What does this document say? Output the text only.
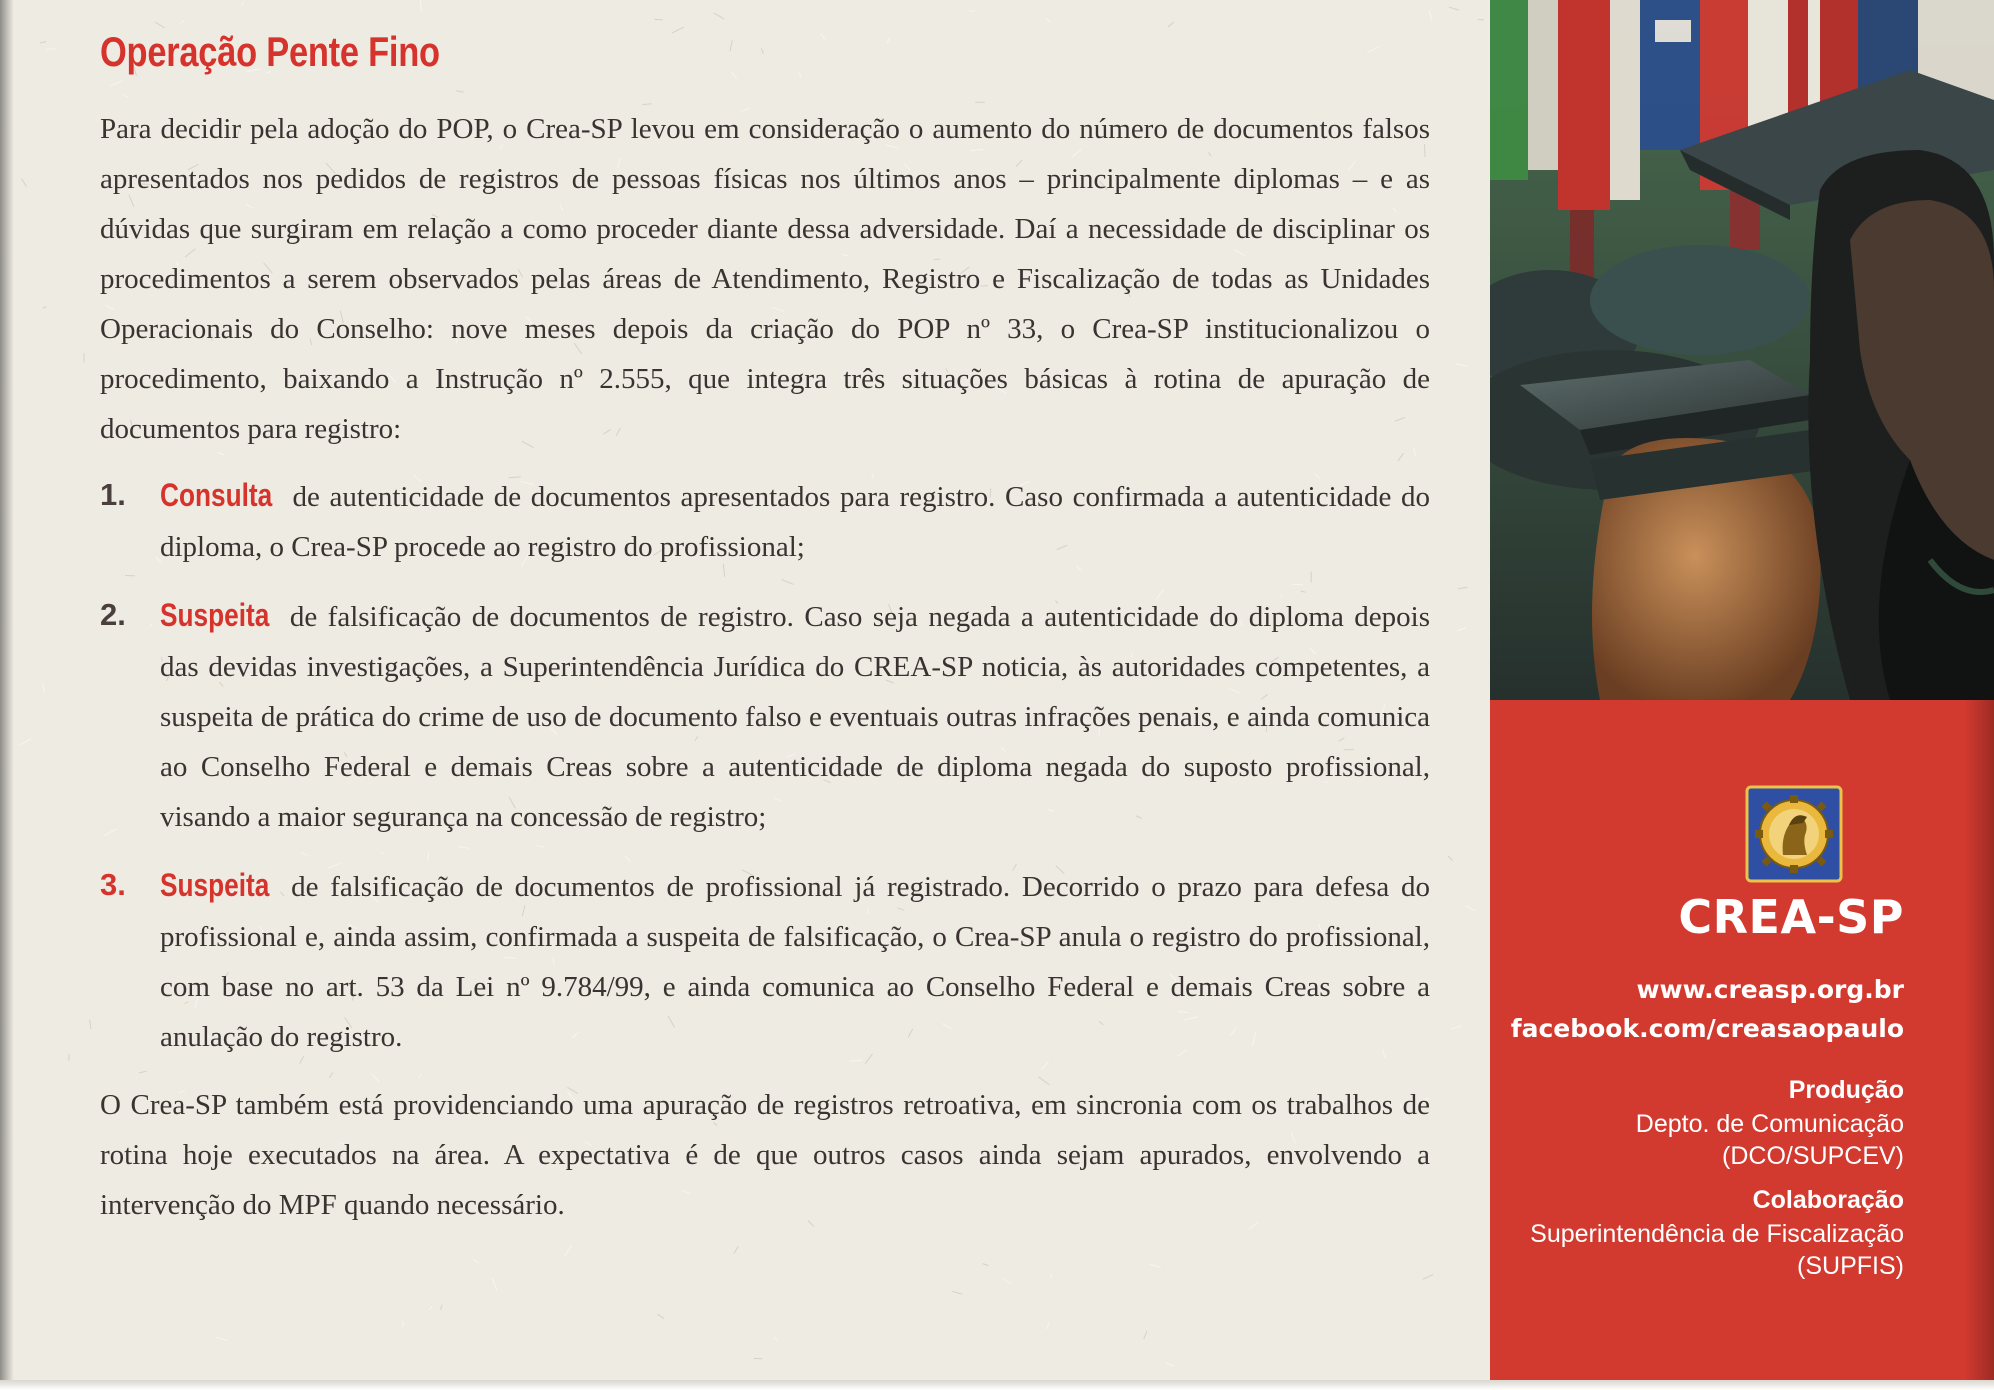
Operação Pente Fino

Para decidir pela adoção do POP, o Crea-SP levou em consideração o aumento do número de documentos falsos apresentados nos pedidos de registros de pessoas físicas nos últimos anos – principalmente diplomas – e as dúvidas que surgiram em relação a como proceder diante dessa adversidade. Daí a necessidade de disciplinar os procedimentos a serem observados pelas áreas de Atendimento, Registro e Fiscalização de todas as Unidades Operacionais do Conselho: nove meses depois da criação do POP nº 33, o Crea-SP institucionalizou o procedimento, baixando a Instrução nº 2.555, que integra três situações básicas à rotina de apuração de documentos para registro:

1. Consulta de autenticidade de documentos apresentados para registro. Caso confirmada a autenticidade do diploma, o Crea-SP procede ao registro do profissional;
2. Suspeita de falsificação de documentos de registro. Caso seja negada a autenticidade do diploma depois das devidas investigações, a Superintendência Jurídica do CREA-SP noticia, às autoridades competentes, a suspeita de prática do crime de uso de documento falso e eventuais outras infrações penais, e ainda comunica ao Conselho Federal e demais Creas sobre a autenticidade de diploma negada do suposto profissional, visando a maior segurança na concessão de registro;
3. Suspeita de falsificação de documentos de profissional já registrado. Decorrido o prazo para defesa do profissional e, ainda assim, confirmada a suspeita de falsificação, o Crea-SP anula o registro do profissional, com base no art. 53 da Lei nº 9.784/99, e ainda comunica ao Conselho Federal e demais Creas sobre a anulação do registro.

O Crea-SP também está providenciando uma apuração de registros retroativa, em sincronia com os trabalhos de rotina hoje executados na área. A expectativa é de que outros casos ainda sejam apurados, envolvendo a intervenção do MPF quando necessário.

CREA-SP
www.creasp.org.br
facebook.com/creasaopaulo
Produção
Depto. de Comunicação
(DCO/SUPCEV)
Colaboração
Superintendência de Fiscalização
(SUPFIS)
